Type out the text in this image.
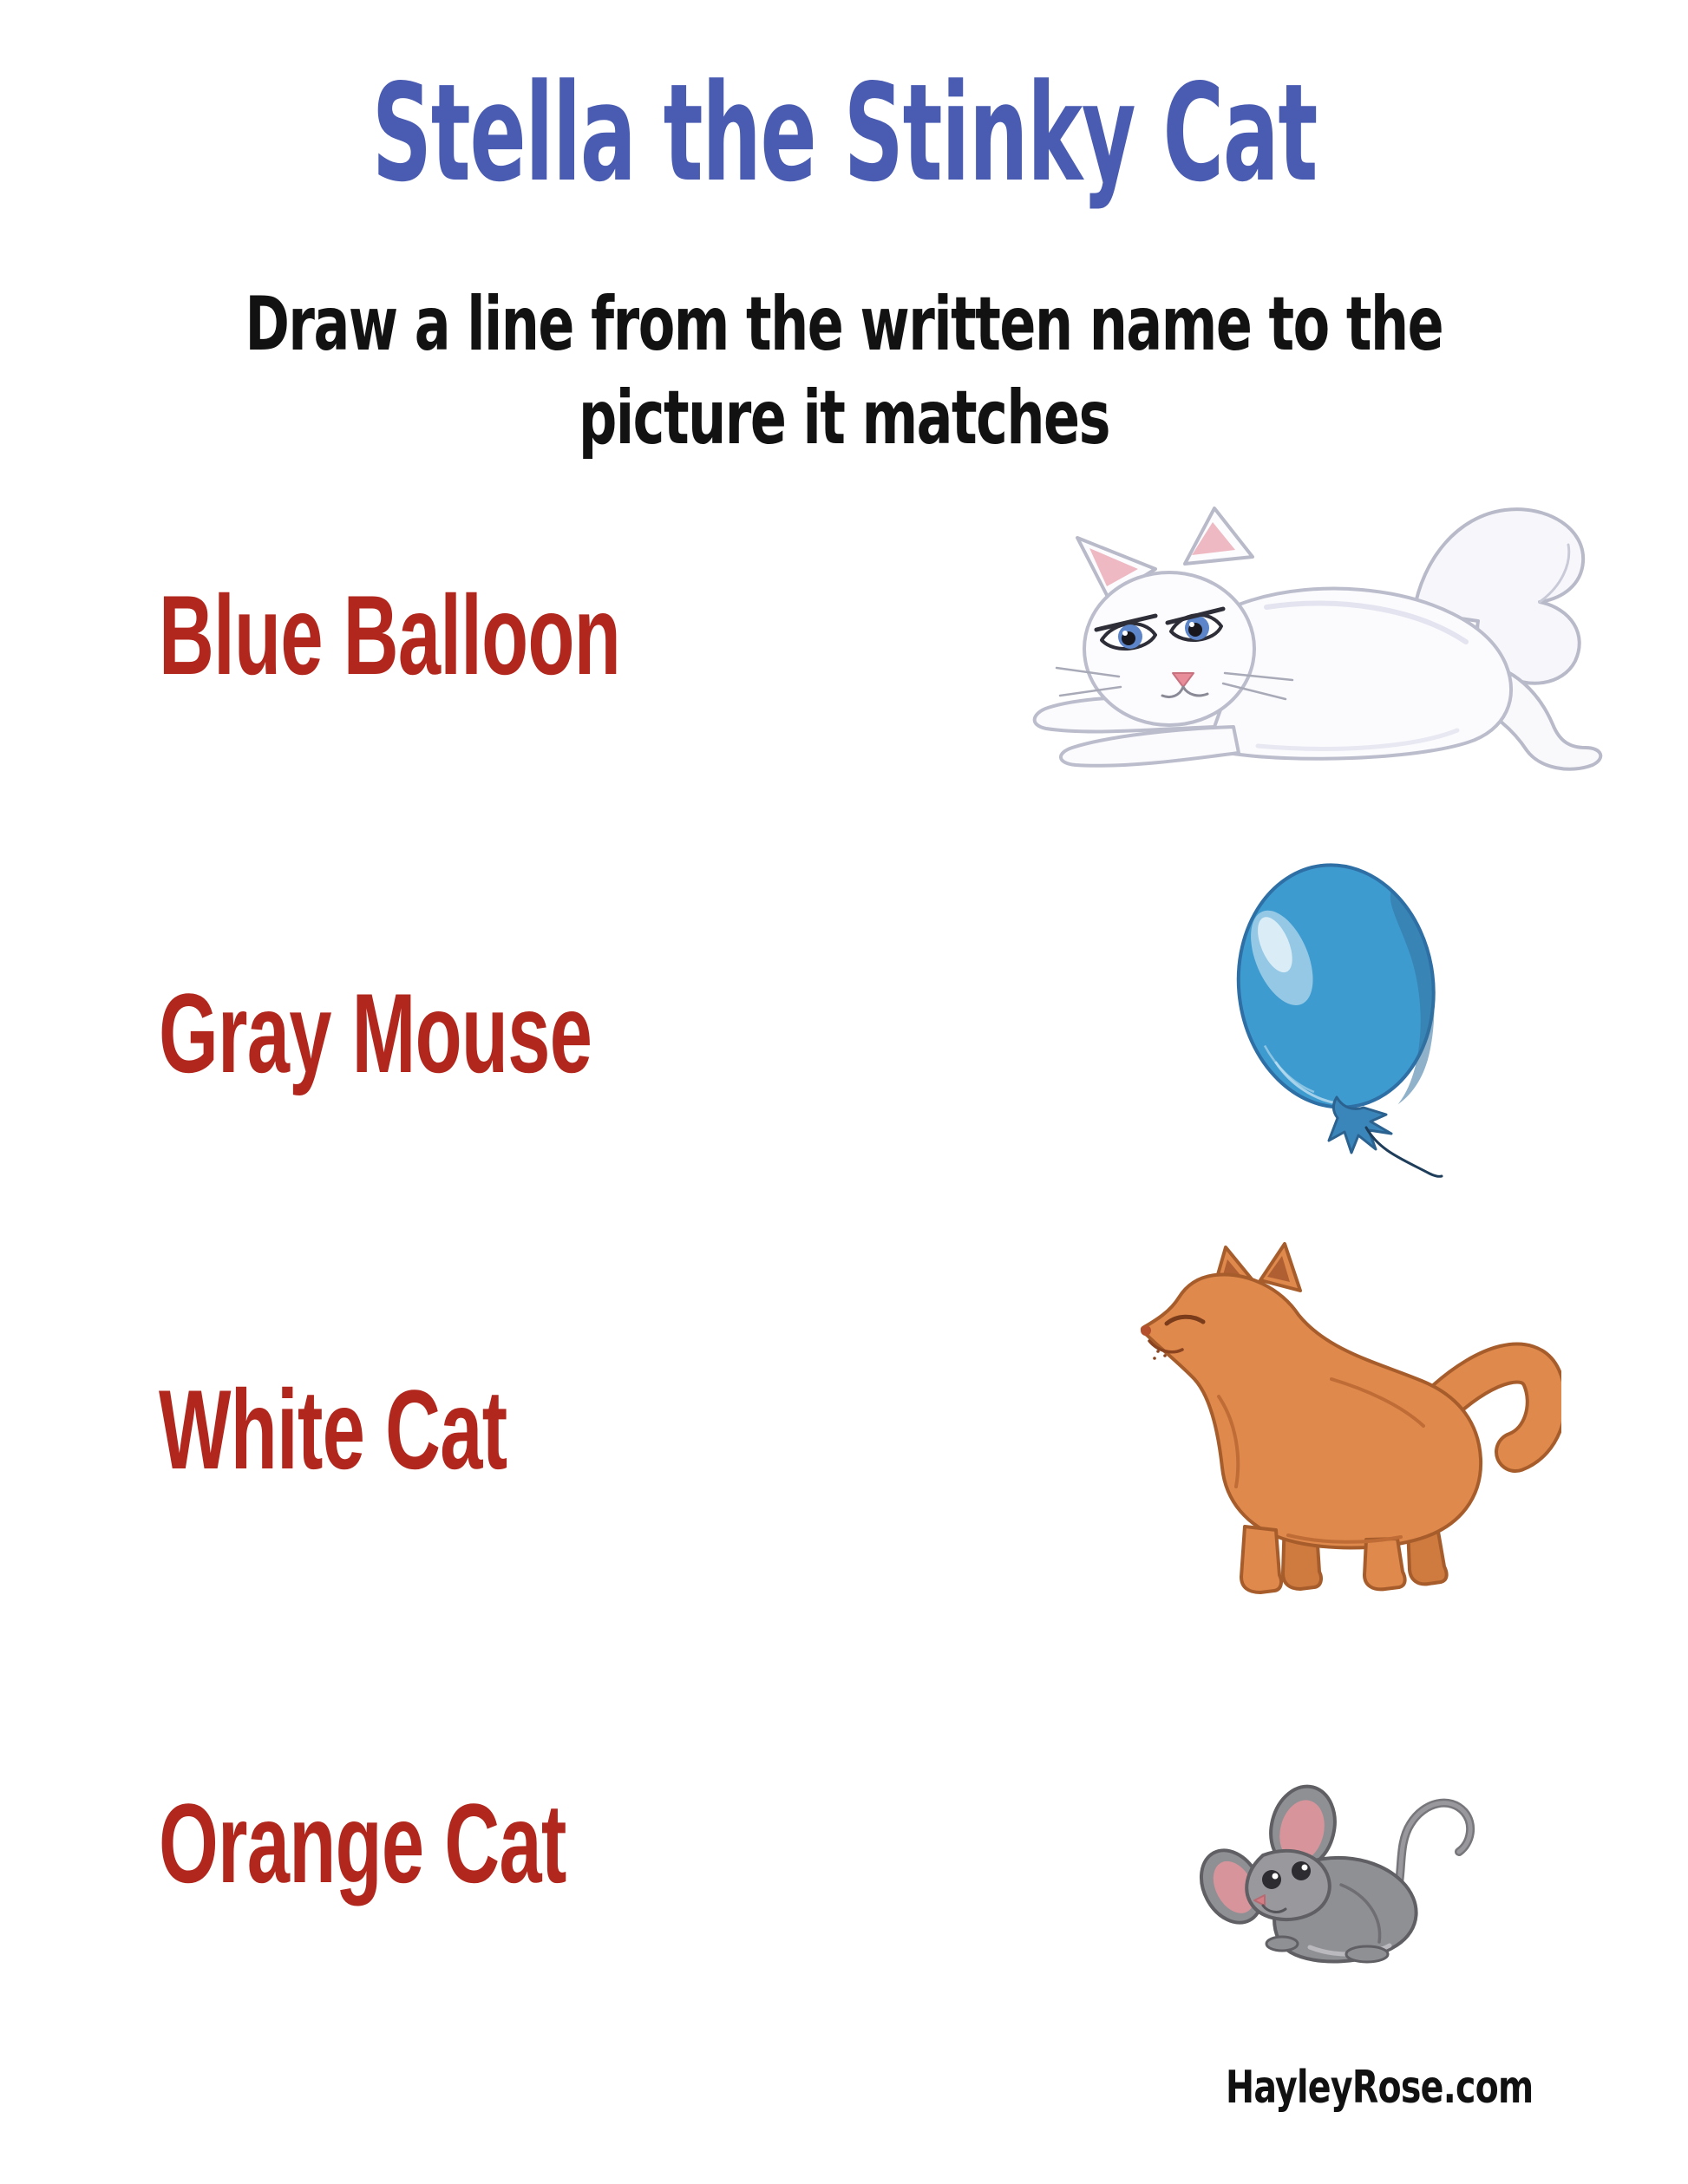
Stella the Stinky Cat
Draw a line from the written name to the
picture it matches
Blue Balloon
Gray Mouse
White Cat
Orange Cat
HayleyRose.com
